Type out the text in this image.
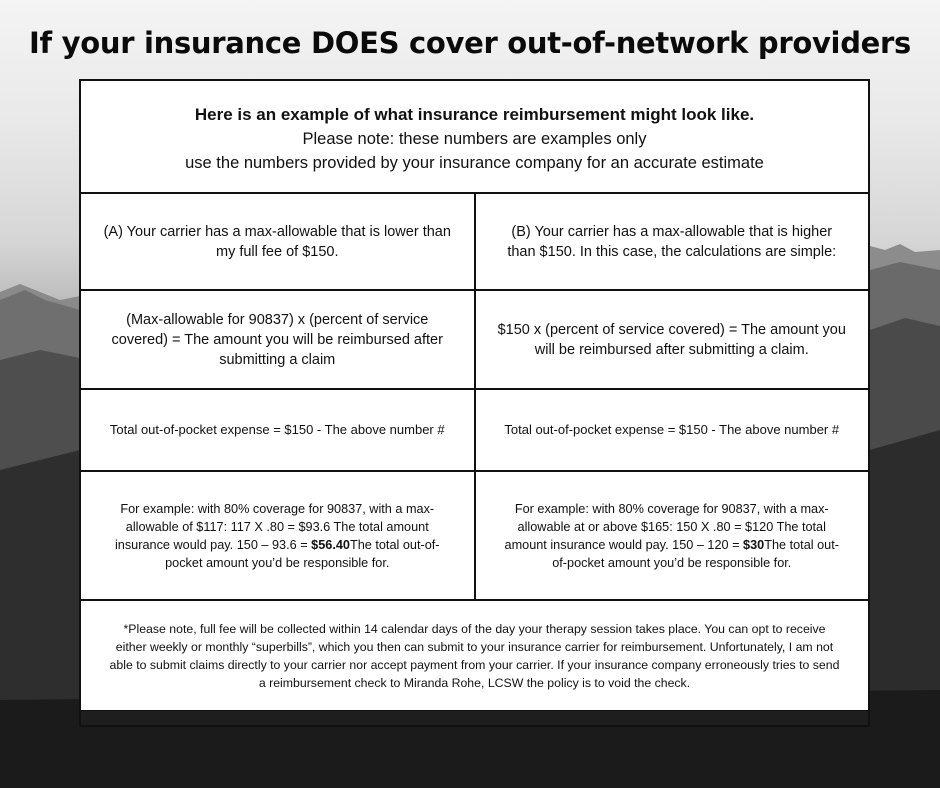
If your insurance DOES cover out-of-network providers
Here is an example of what insurance reimbursement might look like.
Please note: these numbers are examples only
use the numbers provided by your insurance company for an accurate estimate
(A) Your carrier has a max-allowable that is lower than my full fee of $150.
(B) Your carrier has a max-allowable that is higher than $150. In this case, the calculations are simple:
(Max-allowable for 90837) x (percent of service covered) = The amount you will be reimbursed after submitting a claim
$150 x (percent of service covered) = The amount you will be reimbursed after submitting a claim.
Total out-of-pocket expense = $150 - The above number #	Total out-of-pocket expense = $150 - The above number #
For example: with 80% coverage for 90837, with a max-allowable of $117: 117 X .80 = $93.6 The total amount insurance would pay. 150 – 93.6 = $56.40The total out-of-pocket amount you’d be responsible for.
For example: with 80% coverage for 90837, with a max-allowable at or above $165: 150 X .80 = $120 The total amount insurance would pay. 150 – 120 = $30The total out-of-pocket amount you’d be responsible for.
*Please note, full fee will be collected within 14 calendar days of the day your therapy session takes place. You can opt to receive either weekly or monthly “superbills”, which you then can submit to your insurance carrier for reimbursement. Unfortunately, I am not able to submit claims directly to your carrier nor accept payment from your carrier. If your insurance company erroneously tries to send a reimbursement check to Miranda Rohe, LCSW the policy is to void the check.
